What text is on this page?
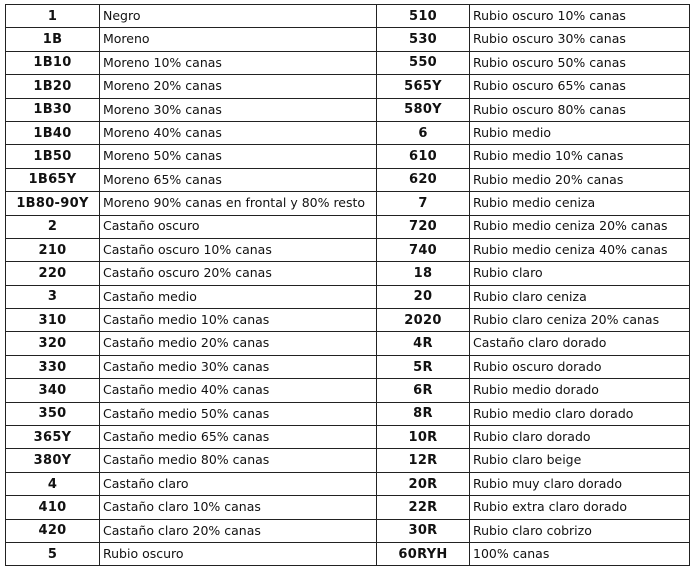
1	Negro	510	Rubio oscuro 10% canas
1B	Moreno	530	Rubio oscuro 30% canas
1B10	Moreno 10% canas	550	Rubio oscuro 50% canas
1B20	Moreno 20% canas	565Y	Rubio oscuro 65% canas
1B30	Moreno 30% canas	580Y	Rubio oscuro 80% canas
1B40	Moreno 40% canas	6	Rubio medio
1B50	Moreno 50% canas	610	Rubio medio 10% canas
1B65Y	Moreno 65% canas	620	Rubio medio 20% canas
1B80-90Y	Moreno 90% canas en frontal y 80% resto	7	Rubio medio ceniza
2	Castaño oscuro	720	Rubio medio ceniza 20% canas
210	Castaño oscuro 10% canas	740	Rubio medio ceniza 40% canas
220	Castaño oscuro 20% canas	18	Rubio claro
3	Castaño medio	20	Rubio claro ceniza
310	Castaño medio 10% canas	2020	Rubio claro ceniza 20% canas
320	Castaño medio 20% canas	4R	Castaño claro dorado
330	Castaño medio 30% canas	5R	Rubio oscuro dorado
340	Castaño medio 40% canas	6R	Rubio medio dorado
350	Castaño medio 50% canas	8R	Rubio medio claro dorado
365Y	Castaño medio 65% canas	10R	Rubio claro dorado
380Y	Castaño medio 80% canas	12R	Rubio claro beige
4	Castaño claro	20R	Rubio muy claro dorado
410	Castaño claro 10% canas	22R	Rubio extra claro dorado
420	Castaño claro 20% canas	30R	Rubio claro cobrizo
5	Rubio oscuro	60RYH	100% canas
